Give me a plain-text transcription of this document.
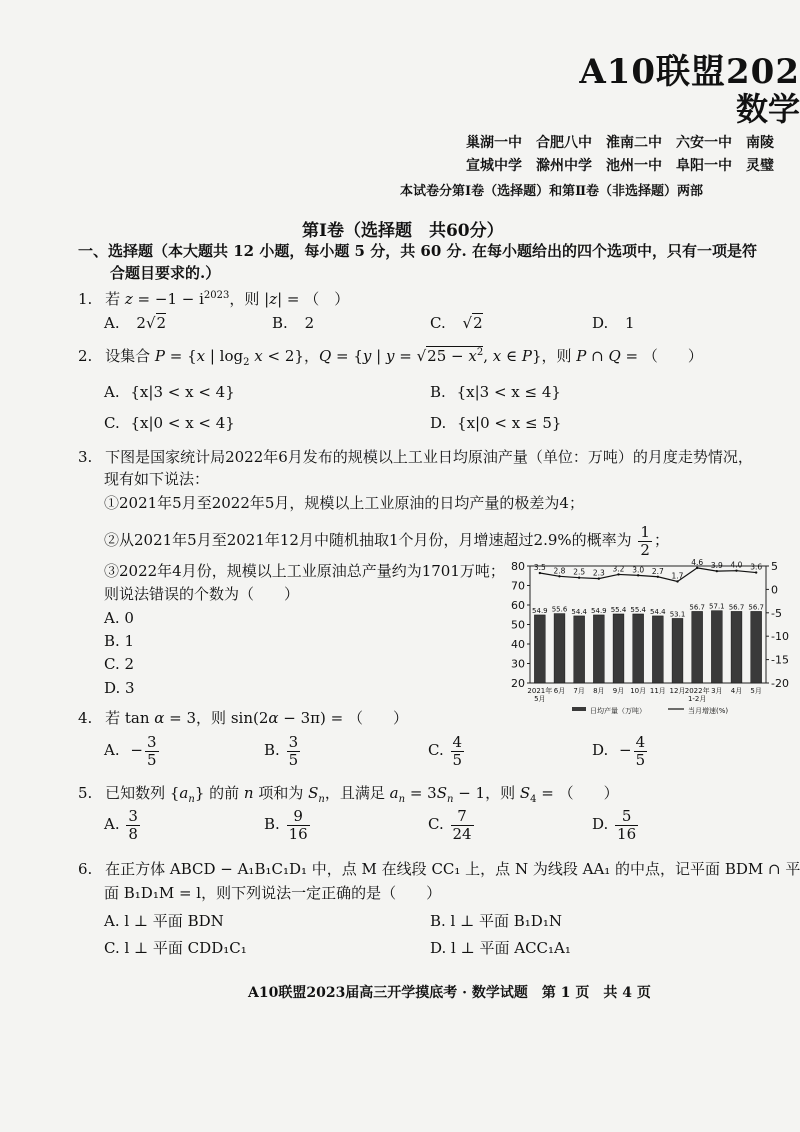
A10联盟202
数学
巢湖一中　合肥八中　淮南二中　六安一中　南陵
宣城中学　滁州中学　池州一中　阜阳一中　灵璧
本试卷分第Ⅰ卷（选择题）和第Ⅱ卷（非选择题）两部
第Ⅰ卷（选择题　共60分）
一、选择题（本大题共 12 小题，每小题 5 分，共 60 分. 在每小题给出的四个选项中，只有一项是符
合题目要求的.）
1. 若 $z = -1 - i^{2023}$，则 |z| = （　）
A. 2√2	B. 2	C. √2	D. 1
2. 设集合 P = {x | $\log_2 x < 2$}，Q = {y | $y = √25 - x^2$, x ∈ P}，则 P ∩ Q = （　　）
A. {x|3 < x < 4}	B. {x|3 < x ≤ 4}
C. {x|0 < x < 4}	D. {x|0 < x ≤ 5}
3. 下图是国家统计局2022年6月发布的规模以上工业日均原油产量（单位：万吨）的月度走势情况，
现有如下说法：
①2021年5月至2022年5月，规模以上工业原油的日均产量的极差为4；
②从2021年5月至2021年12月中随机抽取1个月份，月增速超过2.9%的概率为 $\frac{1}{2}$ ；
③2022年4月份，规模以上工业原油总产量约为1701万吨；
则说法错误的个数为（　　）
A. 0
B. 1
C. 2
D. 3	20
30
40
50
60
70
80	5
0
-5
-10
-15
-20
54.9 55.6 54.4 54.9 55.4 55.4 54.4 53.1
56.7 57.1 56.7 56.7
3.5 2.8 2.5 2.3 3.2 3.0 2.7
1.7
4.6 3.9 4.0 3.6
2021年
5月
6月 7月 8月 9月 10月 11月 12月 2022年
1-2月
3月 4月 5月
日均产量（万吨）	当月增速(%)
4. 若 tan α = 3，则 sin(2α − 3π) = （　　）
A. − $\frac{3}{5}$	B. $\frac{3}{5}$	C. $\frac{4}{5}$	D. − $\frac{4}{5}$
5. 已知数列 $\{a_n\}$ 的前 n 项和为 $S_n$，且满足 $a_n = 3S_n - 1$，则 $S_4$ = （　　）
A. $\frac{3}{8}$	B. $\frac{9}{16}$	C. $\frac{7}{24}$	D. $\frac{5}{16}$
6. 在正方体 ABCD − A₁B₁C₁D₁ 中，点 M 在线段 CC₁ 上，点 N 为线段 AA₁ 的中点，记平面 BDM ∩ 平
面 B₁D₁M = l，则下列说法一定正确的是（　　）
A. l ⊥ 平面 BDN	B. l ⊥ 平面 B₁D₁N
C. l ⊥ 平面 CDD₁C₁	D. l ⊥ 平面 ACC₁A₁
A10联盟2023届高三开学摸底考 · 数学试题　第 1 页　共 4 页
